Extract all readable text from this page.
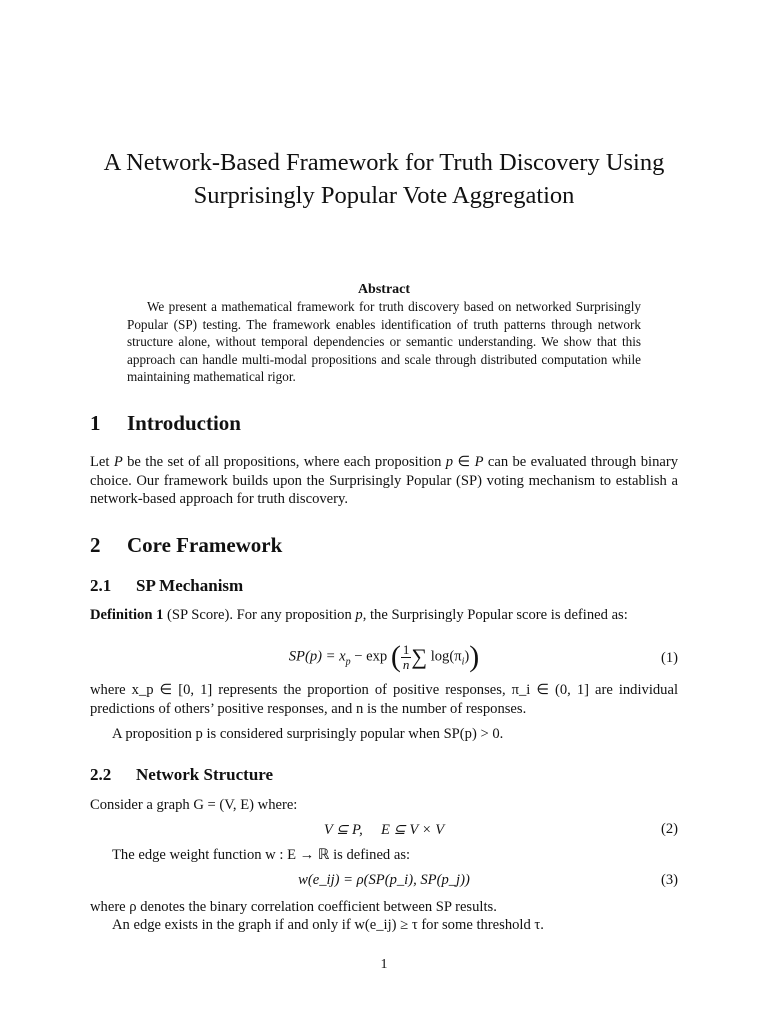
A Network-Based Framework for Truth Discovery Using Surprisingly Popular Vote Aggregation
Abstract
We present a mathematical framework for truth discovery based on networked Surprisingly Popular (SP) testing. The framework enables identification of truth patterns through network structure alone, without temporal dependencies or semantic understanding. We show that this approach can handle multi-modal propositions and scale through distributed computation while maintaining mathematical rigor.
1 Introduction
Let P be the set of all propositions, where each proposition p ∈ P can be evaluated through binary choice. Our framework builds upon the Surprisingly Popular (SP) voting mechanism to establish a network-based approach for truth discovery.
2 Core Framework
2.1 SP Mechanism
Definition 1 (SP Score). For any proposition p, the Surprisingly Popular score is defined as:
$SP(p) = x_p - \exp$ ( $\frac{1}{n}$ ∑ $\log(\pi_i)$)	(1)
where x_p ∈ [0, 1] represents the proportion of positive responses, π_i ∈ (0, 1] are individual predictions of others’ positive responses, and n is the number of responses.
A proposition p is considered surprisingly popular when SP(p) > 0.
2.2 Network Structure
Consider a graph G = (V, E) where:
V ⊆ P,     E ⊆ V × V	(2)
The edge weight function w : E → ℝ is defined as:
w(e_ij) = ρ(SP(p_i), SP(p_j))	(3)
where ρ denotes the binary correlation coefficient between SP results.
An edge exists in the graph if and only if w(e_ij) ≥ τ for some threshold τ.
1
